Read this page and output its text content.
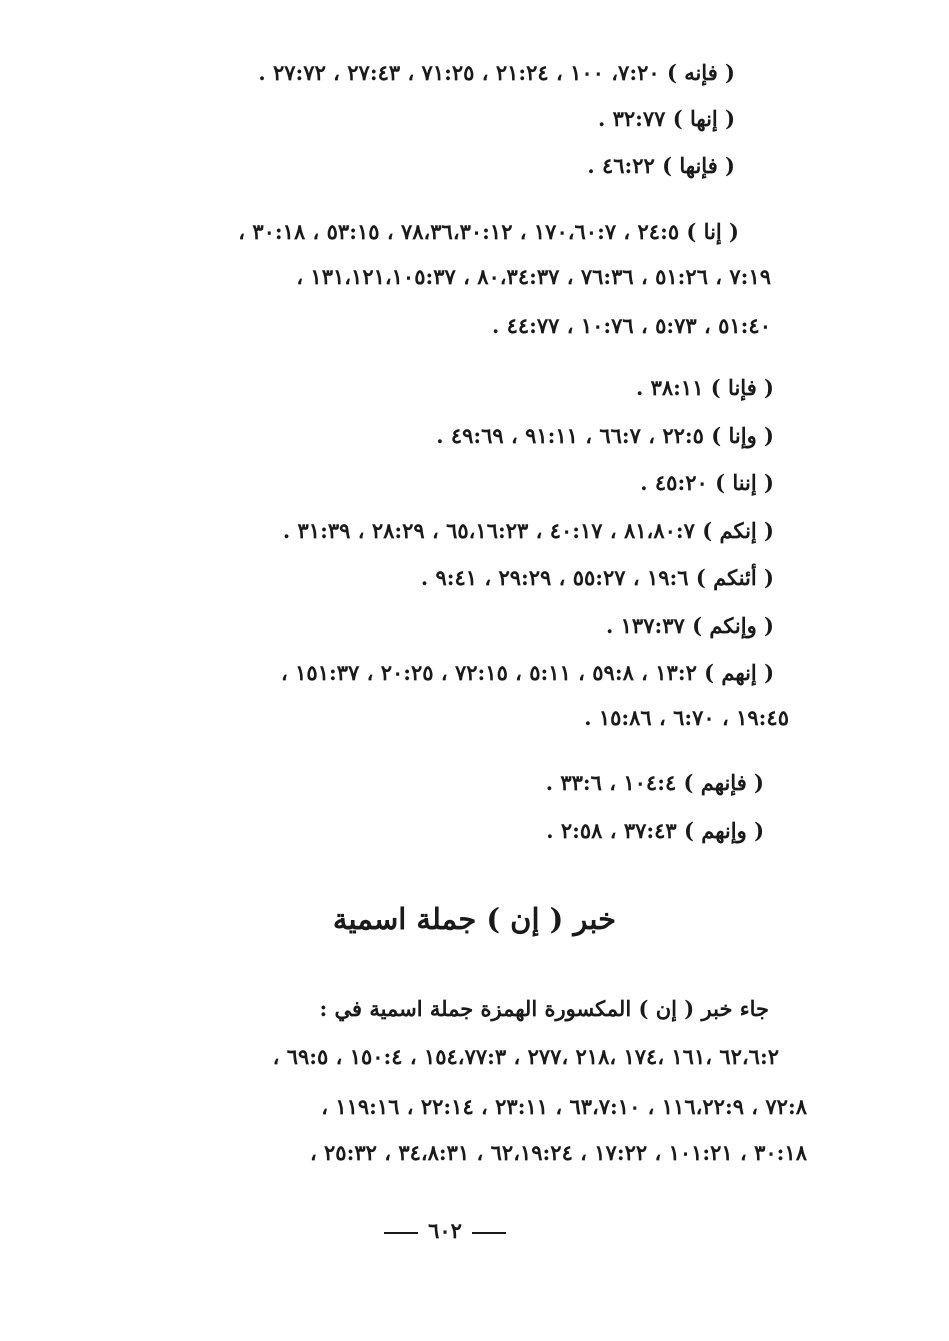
( فإنه ) ٧:٢٠، ١٠٠ ، ٢١:٢٤ ، ٧١:٢٥ ، ٢٧:٤٣ ، ٢٧:٧٢ .
( إنها ) ٣٢:٧٧ .
( فإنها ) ٤٦:٢٢ .
( إنا ) ٢٤:٥ ، ١٧٠،٦٠:٧ ، ٧٨،٣٦،٣٠:١٢ ، ٥٣:١٥ ، ٣٠:١٨ ،
٧:١٩ ، ٥١:٢٦ ، ٧٦:٣٦ ، ٨٠،٣٤:٣٧ ، ١٣١،١٢١،١٠٥:٣٧ ،
٥١:٤٠ ، ٥:٧٣ ، ١٠:٧٦ ، ٤٤:٧٧ .
( فإنا ) ٣٨:١١ .
( وإنا ) ٢٢:٥ ، ٦٦:٧ ، ٩١:١١ ، ٤٩:٦٩ .
( إننا ) ٤٥:٢٠ .
( إنكم ) ٨١،٨٠:٧ ، ٤٠:١٧ ، ٦٥،١٦:٢٣ ، ٢٨:٢٩ ، ٣١:٣٩ .
( أئنكم ) ١٩:٦ ، ٥٥:٢٧ ، ٢٩:٢٩ ، ٩:٤١ .
( وإنكم ) ١٣٧:٣٧ .
( إنهم ) ١٣:٢ ، ٥٩:٨ ، ٥:١١ ، ٧٢:١٥ ، ٢٠:٢٥ ، ١٥١:٣٧ ،
١٩:٤٥ ، ٦:٧٠ ، ١٥:٨٦ .
( فإنهم ) ١٠٤:٤ ، ٣٣:٦ .
( وإنهم ) ٣٧:٤٣ ، ٢:٥٨ .
خبر ( إن ) جملة اسمية
جاء خبر ( إن ) المكسورة الهمزة جملة اسمية في :
٦٢،٦:٢ ،١٦١ ،١٧٤ ،٢١٨ ،٢٧٧ ، ١٥٤،٧٧:٣ ، ١٥٠:٤ ، ٦٩:٥ ،
٧٢:٨ ، ١١٦،٢٢:٩ ، ٦٣،٧:١٠ ، ٢٣:١١ ، ٢٢:١٤ ، ١١٩:١٦ ،
٣٠:١٨ ، ١٠١:٢١ ، ١٧:٢٢ ، ٦٢،١٩:٢٤ ، ٣٤،٨:٣١ ، ٢٥:٣٢ ،
٦٠٢
